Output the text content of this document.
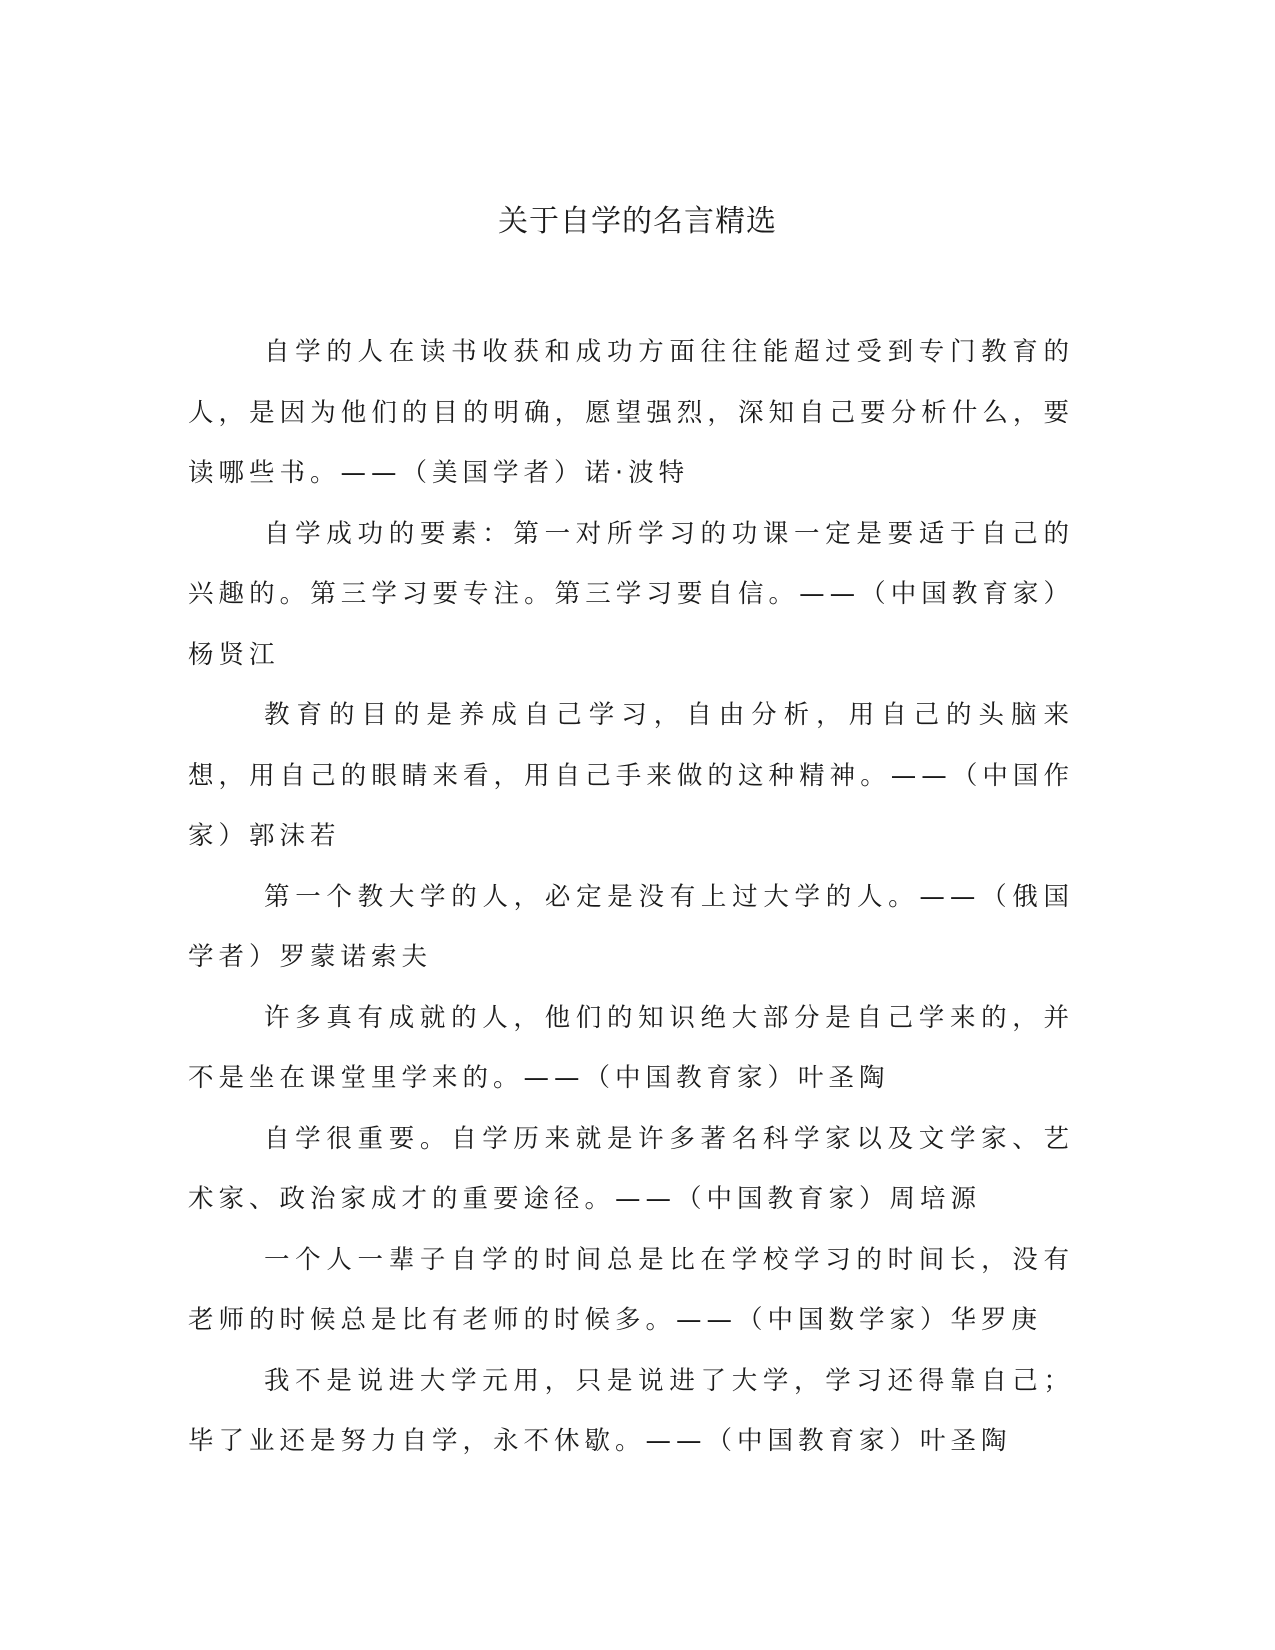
关于自学的名言精选

自学的人在读书收获和成功方面往往能超过受到专门教育的人，是因为他们的目的明确，愿望强烈，深知自己要分析什么，要读哪些书。——（美国学者）诺·波特

自学成功的要素：第一对所学习的功课一定是要适于自己的兴趣的。第三学习要专注。第三学习要自信。——（中国教育家）杨贤江

教育的目的是养成自己学习，自由分析，用自己的头脑来想，用自己的眼睛来看，用自己手来做的这种精神。——（中国作家）郭沫若

第一个教大学的人，必定是没有上过大学的人。——（俄国学者）罗蒙诺索夫

许多真有成就的人，他们的知识绝大部分是自己学来的，并不是坐在课堂里学来的。——（中国教育家）叶圣陶

自学很重要。自学历来就是许多著名科学家以及文学家、艺术家、政治家成才的重要途径。——（中国教育家）周培源

一个人一辈子自学的时间总是比在学校学习的时间长，没有老师的时候总是比有老师的时候多。——（中国数学家）华罗庚

我不是说进大学元用，只是说进了大学，学习还得靠自己；毕了业还是努力自学，永不休歇。——（中国教育家）叶圣陶
